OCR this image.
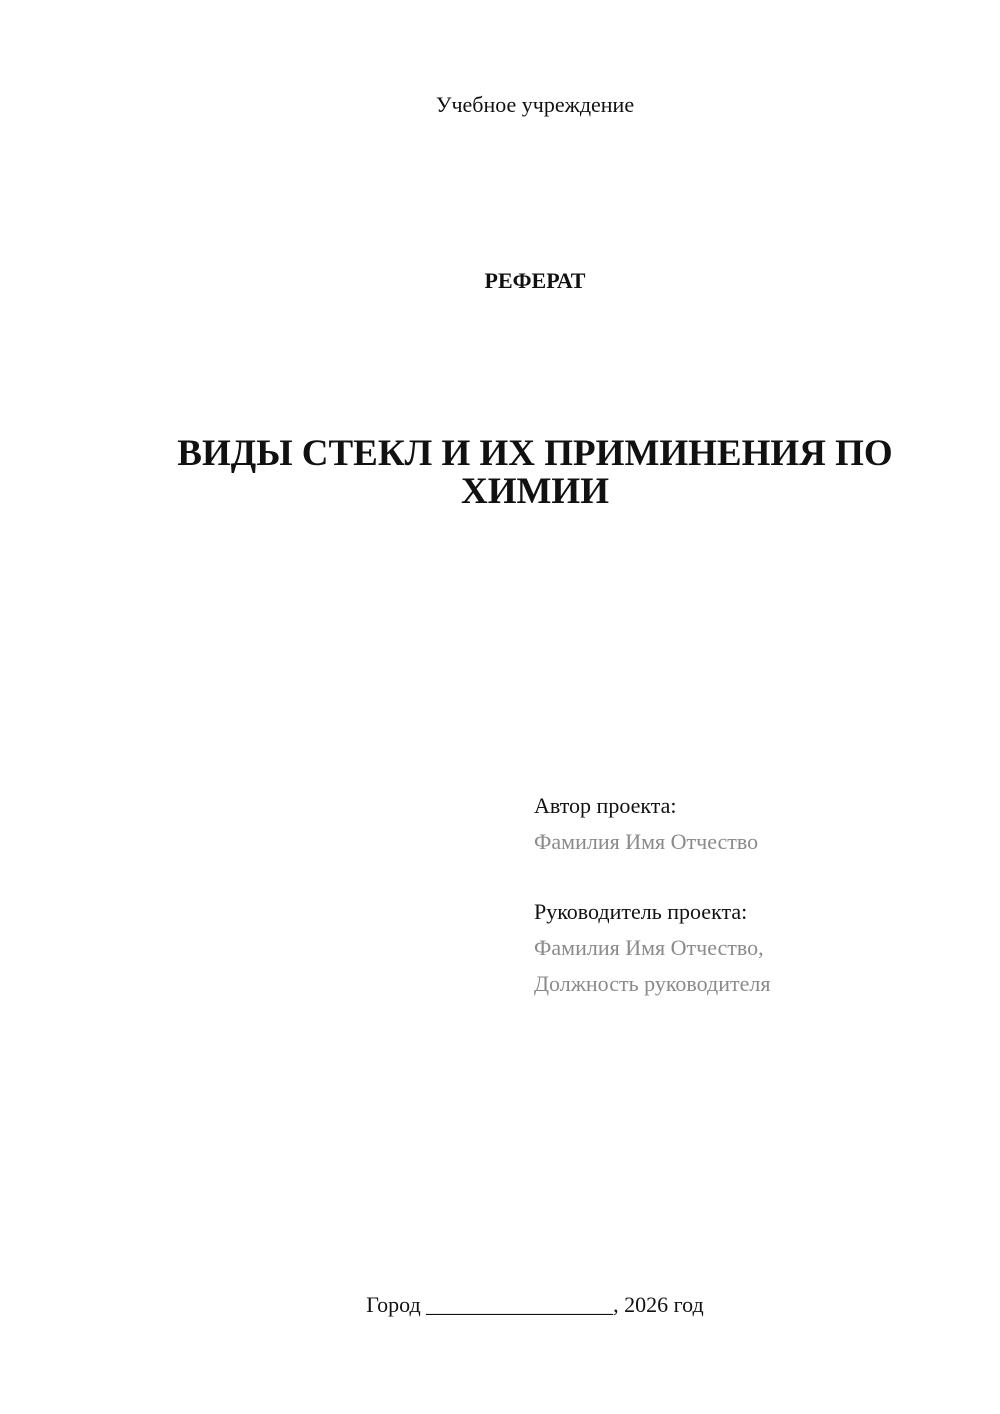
Учебное учреждение
РЕФЕРАТ
ВИДЫ СТЕКЛ И ИХ ПРИМИНЕНИЯ ПО
ХИМИИ
Автор проекта:
Фамилия Имя Отчество
Руководитель проекта:
Фамилия Имя Отчество,
Должность руководителя
Город _________________, 2026 год
